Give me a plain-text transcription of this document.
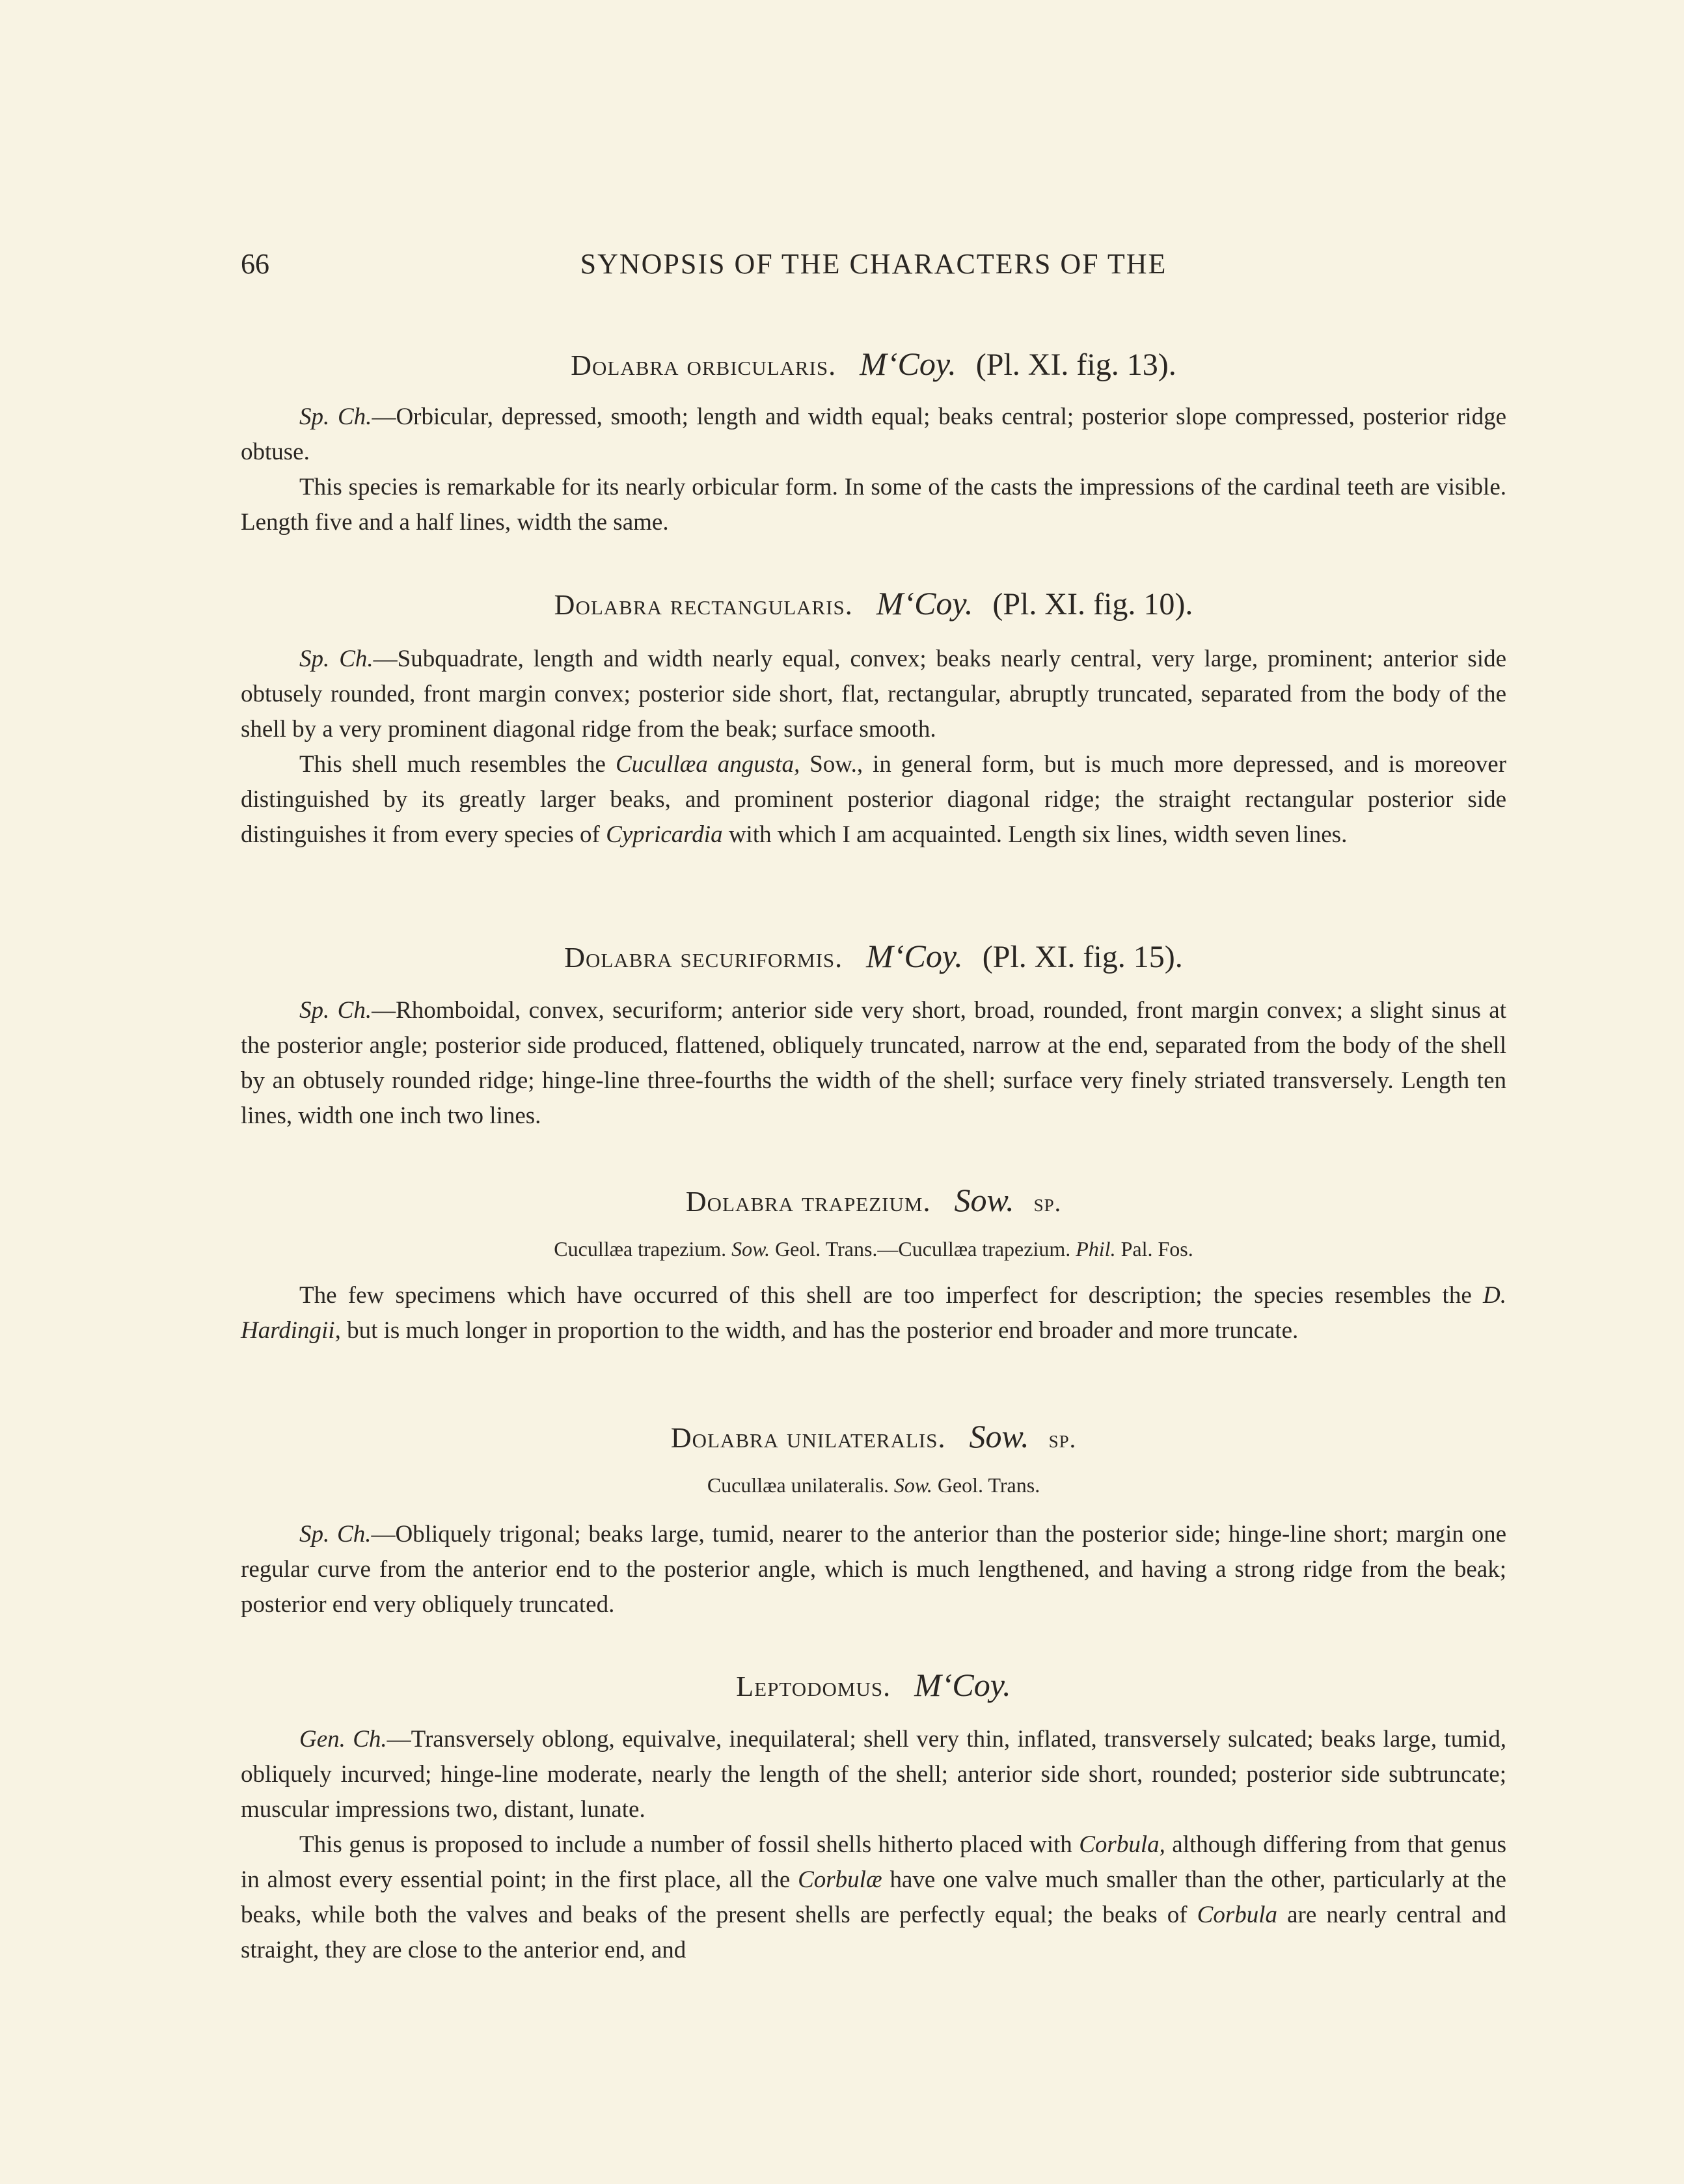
66	SYNOPSIS OF THE CHARACTERS OF THE
Dolabra orbicularis. M‘Coy. (Pl. XI. fig. 13).

Sp. Ch.—Orbicular, depressed, smooth; length and width equal; beaks central; posterior slope compressed, posterior ridge obtuse.

This species is remarkable for its nearly orbicular form. In some of the casts the impressions of the cardinal teeth are visible. Length five and a half lines, width the same.

Dolabra rectangularis. M‘Coy. (Pl. XI. fig. 10).

Sp. Ch.—Subquadrate, length and width nearly equal, convex; beaks nearly central, very large, prominent; anterior side obtusely rounded, front margin convex; posterior side short, flat, rectangular, abruptly truncated, separated from the body of the shell by a very prominent diagonal ridge from the beak; surface smooth.

This shell much resembles the Cucullæa angusta, Sow., in general form, but is much more depressed, and is moreover distinguished by its greatly larger beaks, and prominent posterior diagonal ridge; the straight rectangular posterior side distinguishes it from every species of Cypricardia with which I am acquainted. Length six lines, width seven lines.

Dolabra securiformis. M‘Coy. (Pl. XI. fig. 15).

Sp. Ch.—Rhomboidal, convex, securiform; anterior side very short, broad, rounded, front margin convex; a slight sinus at the posterior angle; posterior side produced, flattened, obliquely truncated, narrow at the end, separated from the body of the shell by an obtusely rounded ridge; hinge-line three-fourths the width of the shell; surface very finely striated transversely. Length ten lines, width one inch two lines.

Dolabra trapezium. Sow. sp.
Cucullæa trapezium. Sow. Geol. Trans.—Cucullæa trapezium. Phil. Pal. Fos.

The few specimens which have occurred of this shell are too imperfect for description; the species resembles the D. Hardingii, but is much longer in proportion to the width, and has the posterior end broader and more truncate.

Dolabra unilateralis. Sow. sp.
Cucullæa unilateralis. Sow. Geol. Trans.

Sp. Ch.—Obliquely trigonal; beaks large, tumid, nearer to the anterior than the posterior side; hinge-line short; margin one regular curve from the anterior end to the posterior angle, which is much lengthened, and having a strong ridge from the beak; posterior end very obliquely truncated.

Leptodomus. M‘Coy.

Gen. Ch.—Transversely oblong, equivalve, inequilateral; shell very thin, inflated, transversely sulcated; beaks large, tumid, obliquely incurved; hinge-line moderate, nearly the length of the shell; anterior side short, rounded; posterior side subtruncate; muscular impressions two, distant, lunate.

This genus is proposed to include a number of fossil shells hitherto placed with Corbula, although differing from that genus in almost every essential point; in the first place, all the Corbulæ have one valve much smaller than the other, particularly at the beaks, while both the valves and beaks of the present shells are perfectly equal; the beaks of Corbula are nearly central and straight, they are close to the anterior end, and
